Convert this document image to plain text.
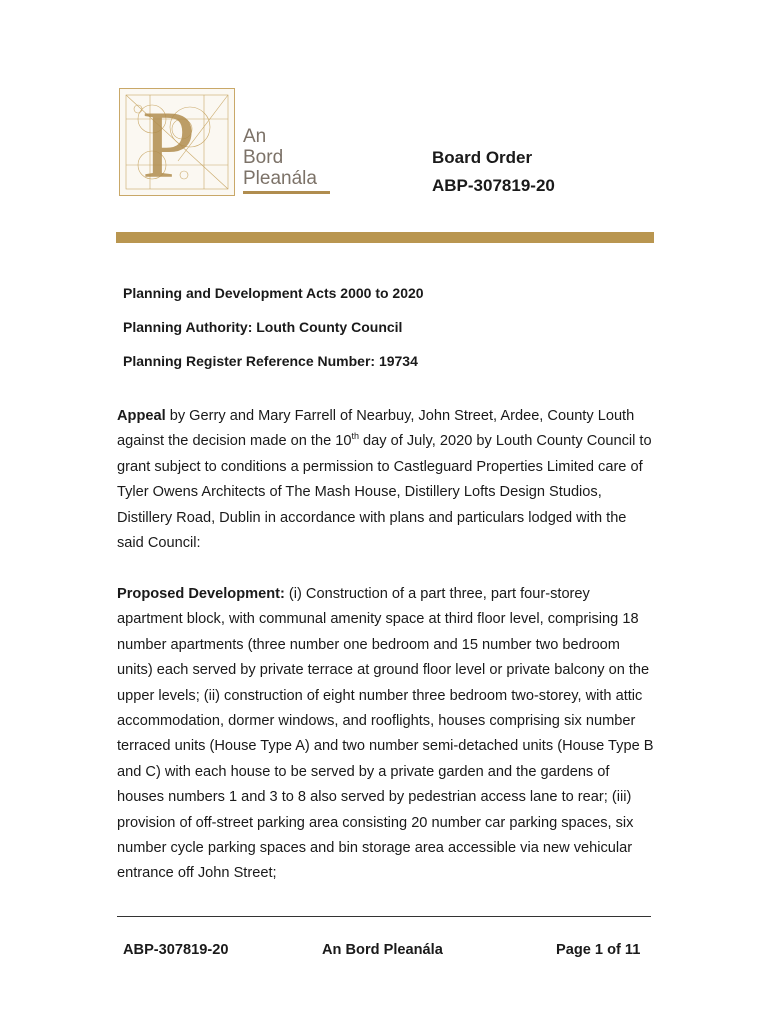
P	An
Bord
Pleanála
Board Order
ABP-307819-20

Planning and Development Acts 2000 to 2020

Planning Authority: Louth County Council

Planning Register Reference Number: 19734

Appeal by Gerry and Mary Farrell of Nearbuy, John Street, Ardee, County Louth against the decision made on the 10th day of July, 2020 by Louth County Council to grant subject to conditions a permission to Castleguard Properties Limited care of Tyler Owens Architects of The Mash House, Distillery Lofts Design Studios, Distillery Road, Dublin in accordance with plans and particulars lodged with the said Council:

Proposed Development: (i) Construction of a part three, part four-storey apartment block, with communal amenity space at third floor level, comprising 18 number apartments (three number one bedroom and 15 number two bedroom units) each served by private terrace at ground floor level or private balcony on the upper levels; (ii) construction of eight number three bedroom two-storey, with attic accommodation, dormer windows, and rooflights, houses comprising six number terraced units (House Type A) and two number semi-detached units (House Type B and C) with each house to be served by a private garden and the gardens of houses numbers 1 and 3 to 8 also served by pedestrian access lane to rear; (iii) provision of off-street parking area consisting 20 number car parking spaces, six number cycle parking spaces and bin storage area accessible via new vehicular entrance off John Street;

ABP-307819-20	An Bord Pleanála	Page 1 of 11
